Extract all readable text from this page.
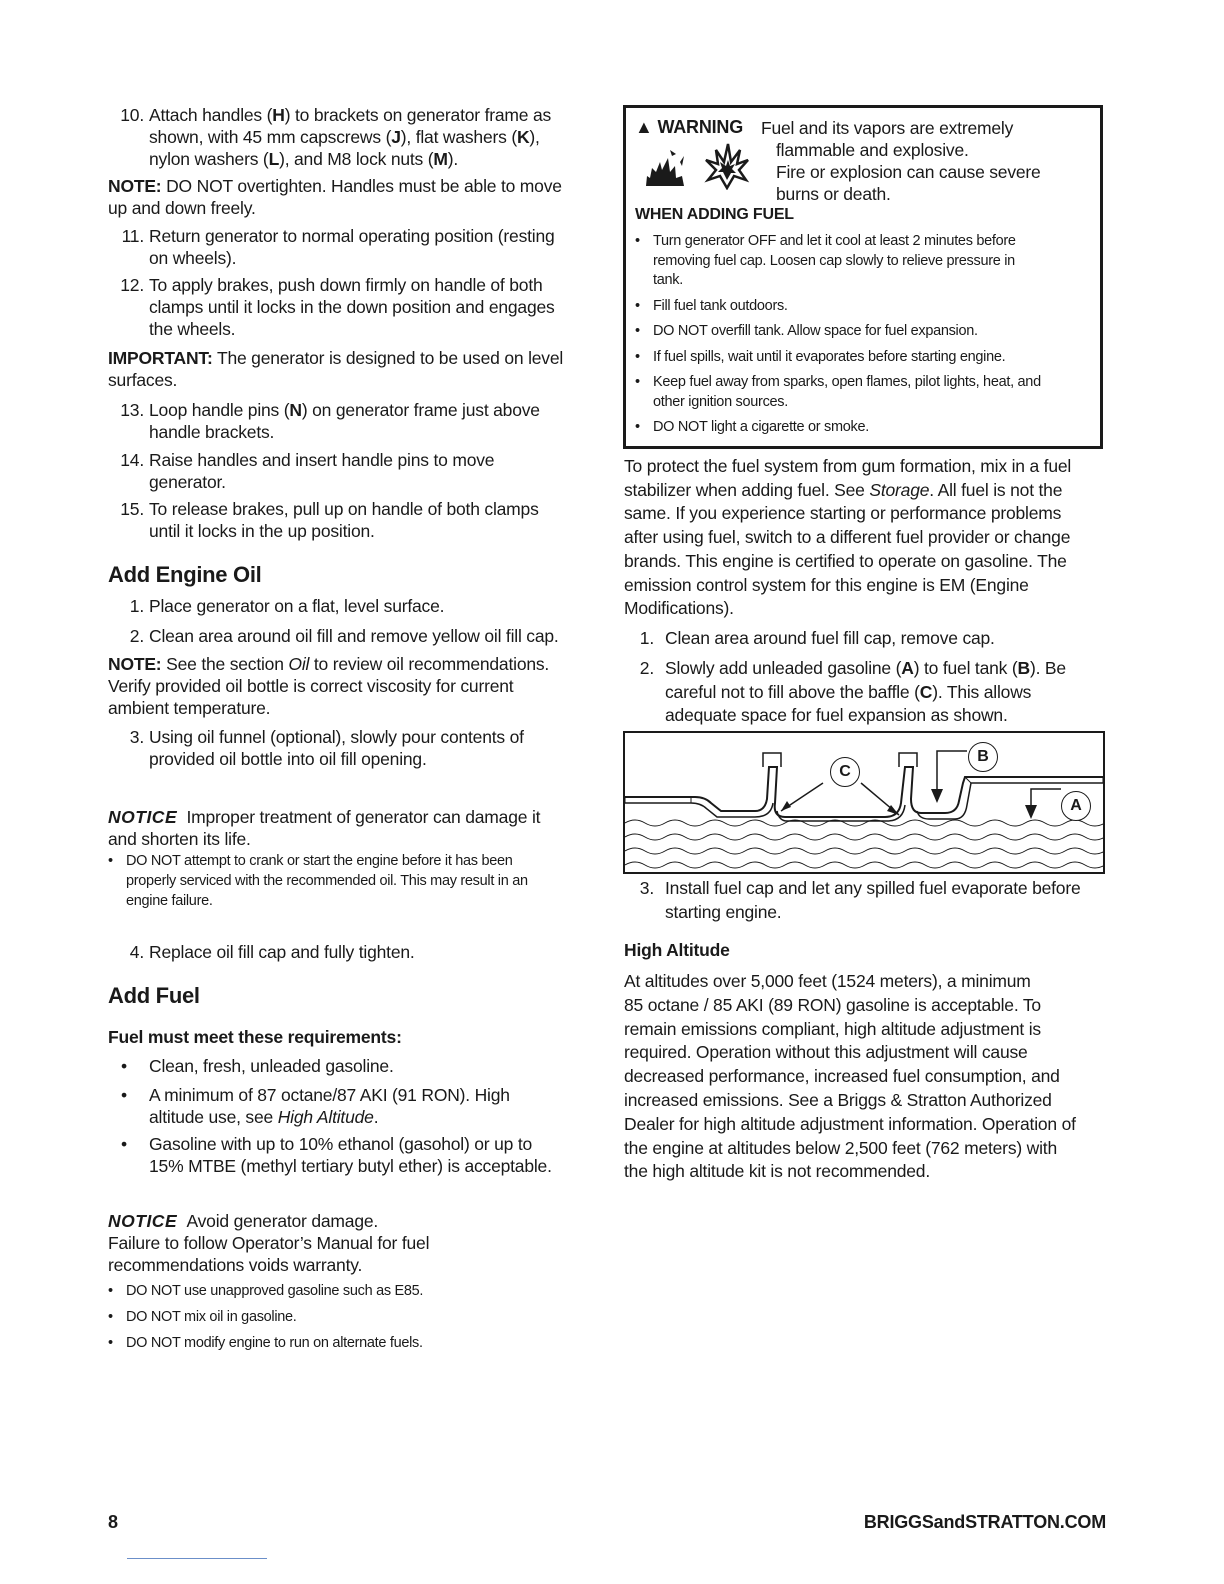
10. Attach handles (H) to brackets on generator frame as

shown, with 45 mm capscrews (J), flat washers (K),

nylon washers (L), and M8 lock nuts (M).

NOTE: DO NOT overtighten. Handles must be able to move

up and down freely.

11. Return generator to normal operating position (resting

on wheels).

12. To apply brakes, push down firmly on handle of both

clamps until it locks in the down position and engages

the wheels.

IMPORTANT: The generator is designed to be used on level

surfaces.

13. Loop handle pins (N) on generator frame just above

handle brackets.

14. Raise handles and insert handle pins to move

generator.

15. To release brakes, pull up on handle of both clamps

until it locks in the up position.

Add Engine Oil
1. Place generator on a flat, level surface.

2. Clean area around oil fill and remove yellow oil fill cap.

NOTE: See the section Oil to review oil recommendations.

Verify provided oil bottle is correct viscosity for current

ambient temperature.

3. Using oil funnel (optional), slowly pour contents of

provided oil bottle into oil fill opening.

NOTICE Improper treatment of generator can damage it

and shorten its life.

• DO NOT attempt to crank or start the engine before it has been

properly serviced with the recommended oil. This may result in an

engine failure.

4. Replace oil fill cap and fully tighten.

Add Fuel
Fuel must meet these requirements:
• Clean, fresh, unleaded gasoline.

• A minimum of 87 octane/87 AKI (91 RON). High

altitude use, see High Altitude.

• Gasoline with up to 10% ethanol (gasohol) or up to

15% MTBE (methyl tertiary butyl ether) is acceptable.

NOTICE Avoid generator damage.

Failure to follow Operator’s Manual for fuel

recommendations voids warranty.

• DO NOT use unapproved gasoline such as E85.

• DO NOT mix oil in gasoline.

• DO NOT modify engine to run on alternate fuels.

▲ WARNING Fuel and its vapors are extremely

flammable and explosive.

Fire or explosion can cause severe

burns or death.

WHEN ADDING FUEL
• Turn generator OFF and let it cool at least 2 minutes before

removing fuel cap. Loosen cap slowly to relieve pressure in

tank.

• Fill fuel tank outdoors.

• DO NOT overfill tank. Allow space for fuel expansion.

• If fuel spills, wait until it evaporates before starting engine.

• Keep fuel away from sparks, open flames, pilot lights, heat, and

other ignition sources.

• DO NOT light a cigarette or smoke.

To protect the fuel system from gum formation, mix in a fuel

stabilizer when adding fuel. See Storage. All fuel is not the

same. If you experience starting or performance problems

after using fuel, switch to a different fuel provider or change

brands. This engine is certified to operate on gasoline. The

emission control system for this engine is EM (Engine

Modifications).

1. Clean area around fuel fill cap, remove cap.

2. Slowly add unleaded gasoline (A) to fuel tank (B). Be

careful not to fill above the baffle (C). This allows

adequate space for fuel expansion as shown.

C
B
A
3. Install fuel cap and let any spilled fuel evaporate before

starting engine.

High Altitude

At altitudes over 5,000 feet (1524 meters), a minimum

85 octane / 85 AKI (89 RON) gasoline is acceptable. To

remain emissions compliant, high altitude adjustment is

required. Operation without this adjustment will cause

decreased performance, increased fuel consumption, and

increased emissions. See a Briggs & Stratton Authorized

Dealer for high altitude adjustment information. Operation of

the engine at altitudes below 2,500 feet (762 meters) with

the high altitude kit is not recommended.

8	BRIGGSandSTRATTON.COM
